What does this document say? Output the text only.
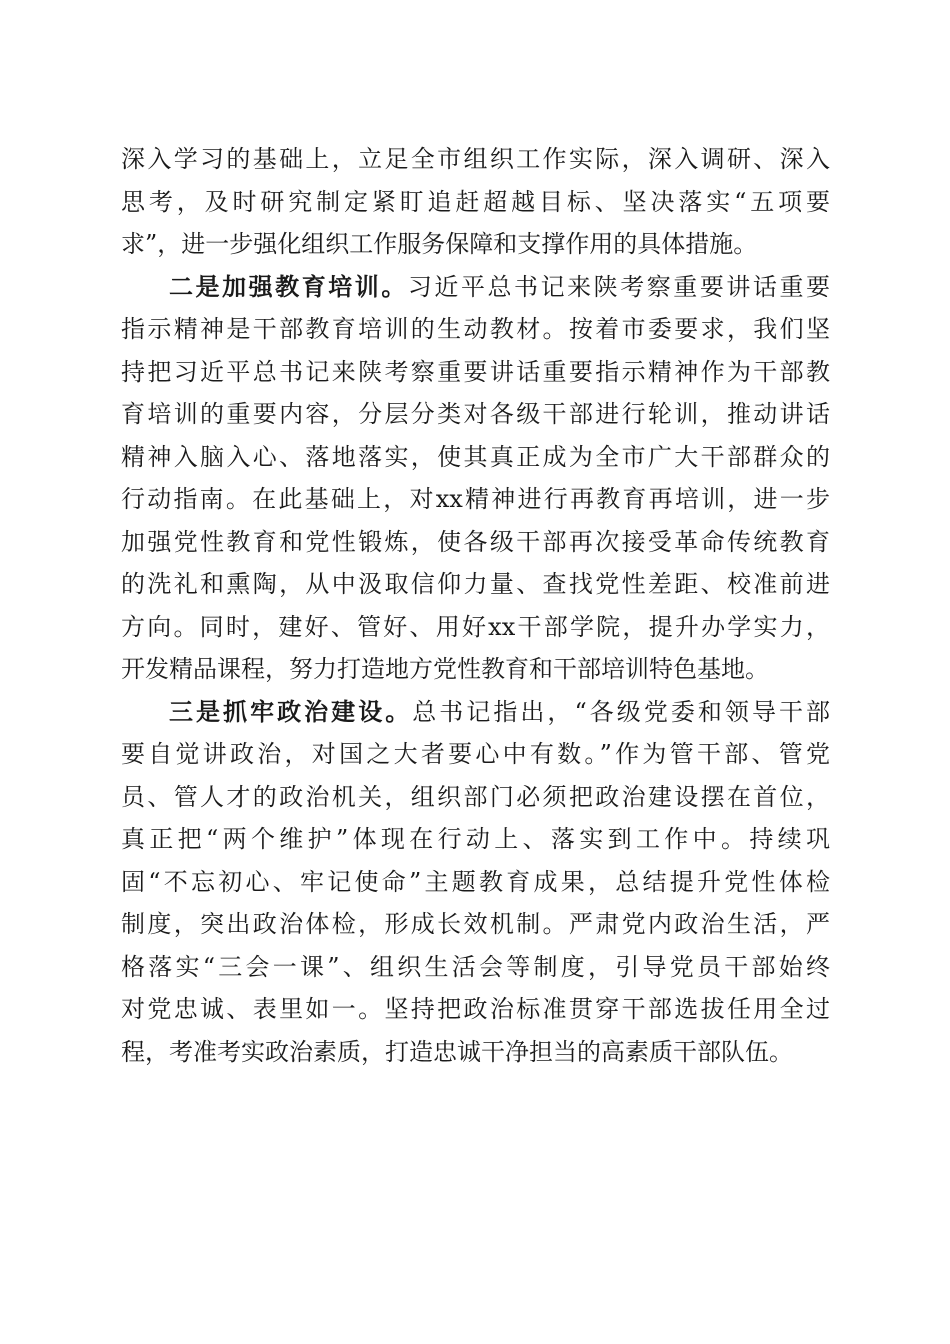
深入学习的基础上，立足全市组织工作实际，深入调研、深入
思考，及时研究制定紧盯追赶超越目标、坚决落实“五项要
求”，进一步强化组织工作服务保障和支撑作用的具体措施。
二是加强教育培训。习近平总书记来陕考察重要讲话重要
指示精神是干部教育培训的生动教材。按着市委要求，我们坚
持把习近平总书记来陕考察重要讲话重要指示精神作为干部教
育培训的重要内容，分层分类对各级干部进行轮训，推动讲话
精神入脑入心、落地落实，使其真正成为全市广大干部群众的
行动指南。在此基础上，对xx精神进行再教育再培训，进一步
加强党性教育和党性锻炼，使各级干部再次接受革命传统教育
的洗礼和熏陶，从中汲取信仰力量、查找党性差距、校准前进
方向。同时，建好、管好、用好xx干部学院，提升办学实力，
开发精品课程，努力打造地方党性教育和干部培训特色基地。
三是抓牢政治建设。总书记指出，“各级党委和领导干部
要自觉讲政治，对国之大者要心中有数。”作为管干部、管党
员、管人才的政治机关，组织部门必须把政治建设摆在首位，
真正把“两个维护”体现在行动上、落实到工作中。持续巩
固“不忘初心、牢记使命”主题教育成果，总结提升党性体检
制度，突出政治体检，形成长效机制。严肃党内政治生活，严
格落实“三会一课”、组织生活会等制度，引导党员干部始终
对党忠诚、表里如一。坚持把政治标准贯穿干部选拔任用全过
程，考准考实政治素质，打造忠诚干净担当的高素质干部队伍。
